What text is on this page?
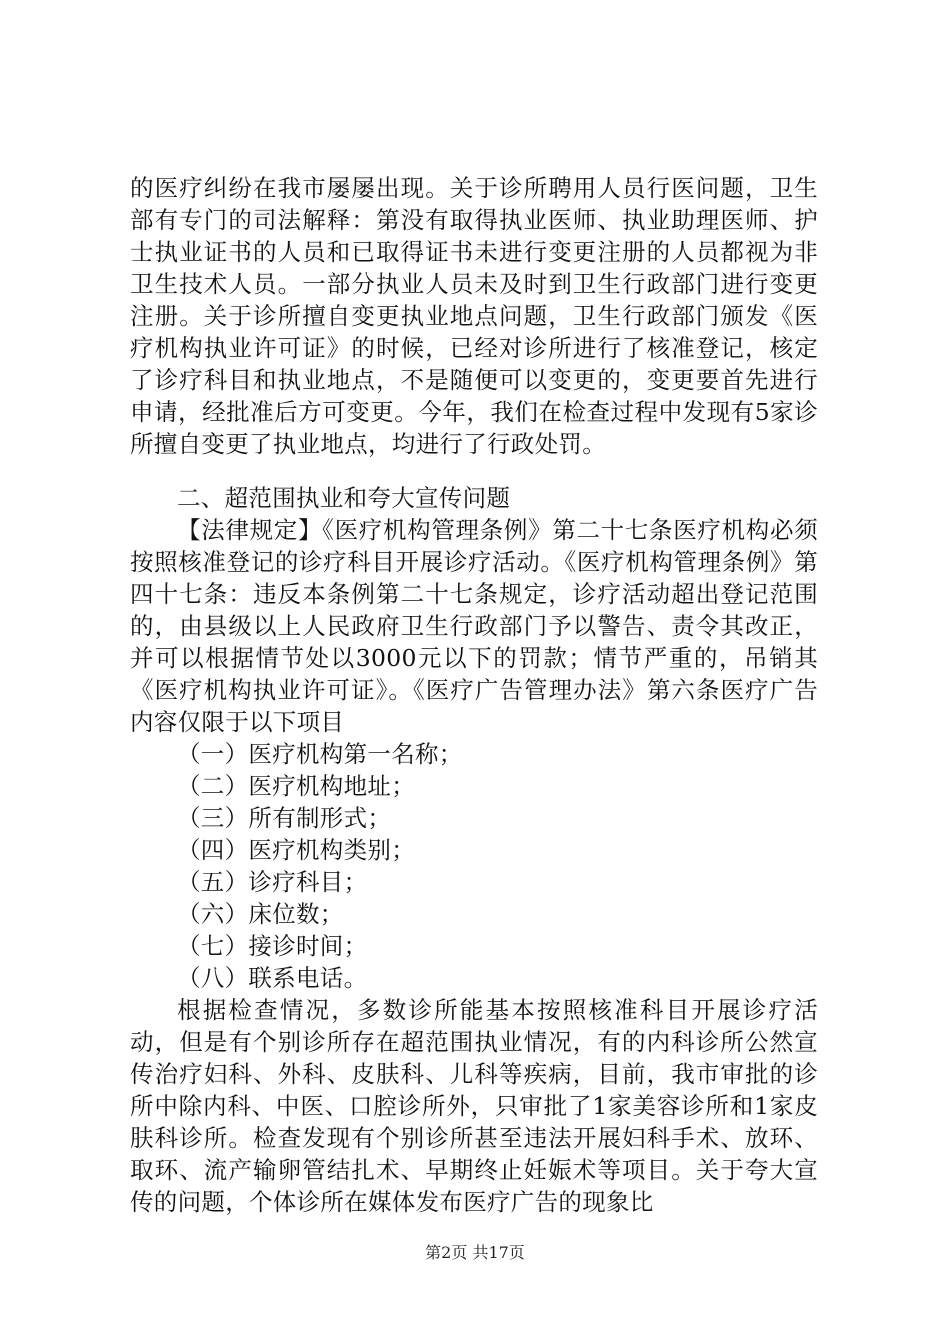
的医疗纠纷在我市屡屡出现。关于诊所聘用人员行医问题，卫生部有专门的司法解释：第没有取得执业医师、执业助理医师、护士执业证书的人员和已取得证书未进行变更注册的人员都视为非卫生技术人员。一部分执业人员未及时到卫生行政部门进行变更注册。关于诊所擅自变更执业地点问题，卫生行政部门颁发《医疗机构执业许可证》的时候，已经对诊所进行了核准登记，核定了诊疗科目和执业地点，不是随便可以变更的，变更要首先进行申请，经批准后方可变更。今年，我们在检查过程中发现有5家诊所擅自变更了执业地点，均进行了行政处罚。

二、超范围执业和夸大宣传问题

【法律规定】《医疗机构管理条例》第二十七条医疗机构必须按照核准登记的诊疗科目开展诊疗活动。《医疗机构管理条例》第四十七条：违反本条例第二十七条规定，诊疗活动超出登记范围的，由县级以上人民政府卫生行政部门予以警告、责令其改正，并可以根据情节处以3000元以下的罚款；情节严重的，吊销其《医疗机构执业许可证》。《医疗广告管理办法》第六条医疗广告内容仅限于以下项目

（一）医疗机构第一名称；

（二）医疗机构地址；

（三）所有制形式；

（四）医疗机构类别；

（五）诊疗科目；

（六）床位数；

（七）接诊时间；

（八）联系电话。

根据检查情况，多数诊所能基本按照核准科目开展诊疗活动，但是有个别诊所存在超范围执业情况，有的内科诊所公然宣传治疗妇科、外科、皮肤科、儿科等疾病，目前，我市审批的诊所中除内科、中医、口腔诊所外，只审批了1家美容诊所和1家皮肤科诊所。检查发现有个别诊所甚至违法开展妇科手术、放环、取环、流产输卵管结扎术、早期终止妊娠术等项目。关于夸大宣传的问题，个体诊所在媒体发布医疗广告的现象比

第2页 共17页
